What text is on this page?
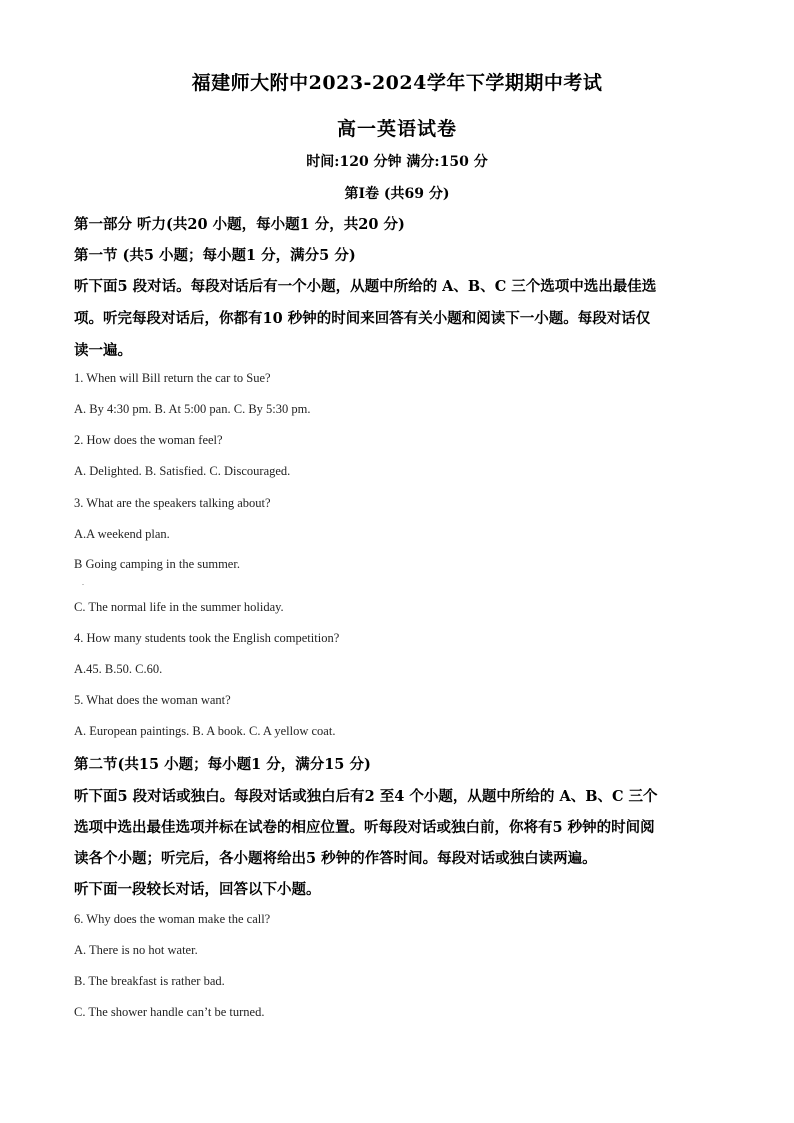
福建师大附中2023-2024学年下学期期中考试
高一英语试卷
时间:120 分钟 满分:150 分
第Ⅰ卷 (共69 分)
第一部分 听力(共20 小题，每小题1 分，共20 分)
第一节 (共5 小题；每小题1 分，满分5 分)
听下面5 段对话。每段对话后有一个小题，从题中所给的 A、B、C 三个选项中选出最佳选
项。听完每段对话后，你都有10 秒钟的时间来回答有关小题和阅读下一小题。每段对话仅
读一遍。
1. When will Bill return the car to Sue?
A. By 4:30 pm. B. At 5:00 pan. C. By 5:30 pm.
2. How does the woman feel?
A. Delighted. B. Satisfied. C. Discouraged.
3. What are the speakers talking about?
A.A weekend plan.
B Going camping in the summer.
.
C. The normal life in the summer holiday.
4. How many students took the English competition?
A.45. B.50. C.60.
5. What does the woman want?
A. European paintings. B. A book. C. A yellow coat.
第二节(共15 小题；每小题1 分，满分15 分)
听下面5 段对话或独白。每段对话或独白后有2 至4 个小题，从题中所给的 A、B、C 三个
选项中选出最佳选项并标在试卷的相应位置。听每段对话或独白前，你将有5 秒钟的时间阅
读各个小题；听完后，各小题将给出5 秒钟的作答时间。每段对话或独白读两遍。
听下面一段较长对话，回答以下小题。
6. Why does the woman make the call?
A. There is no hot water.
B. The breakfast is rather bad.
C. The shower handle can’t be turned.
